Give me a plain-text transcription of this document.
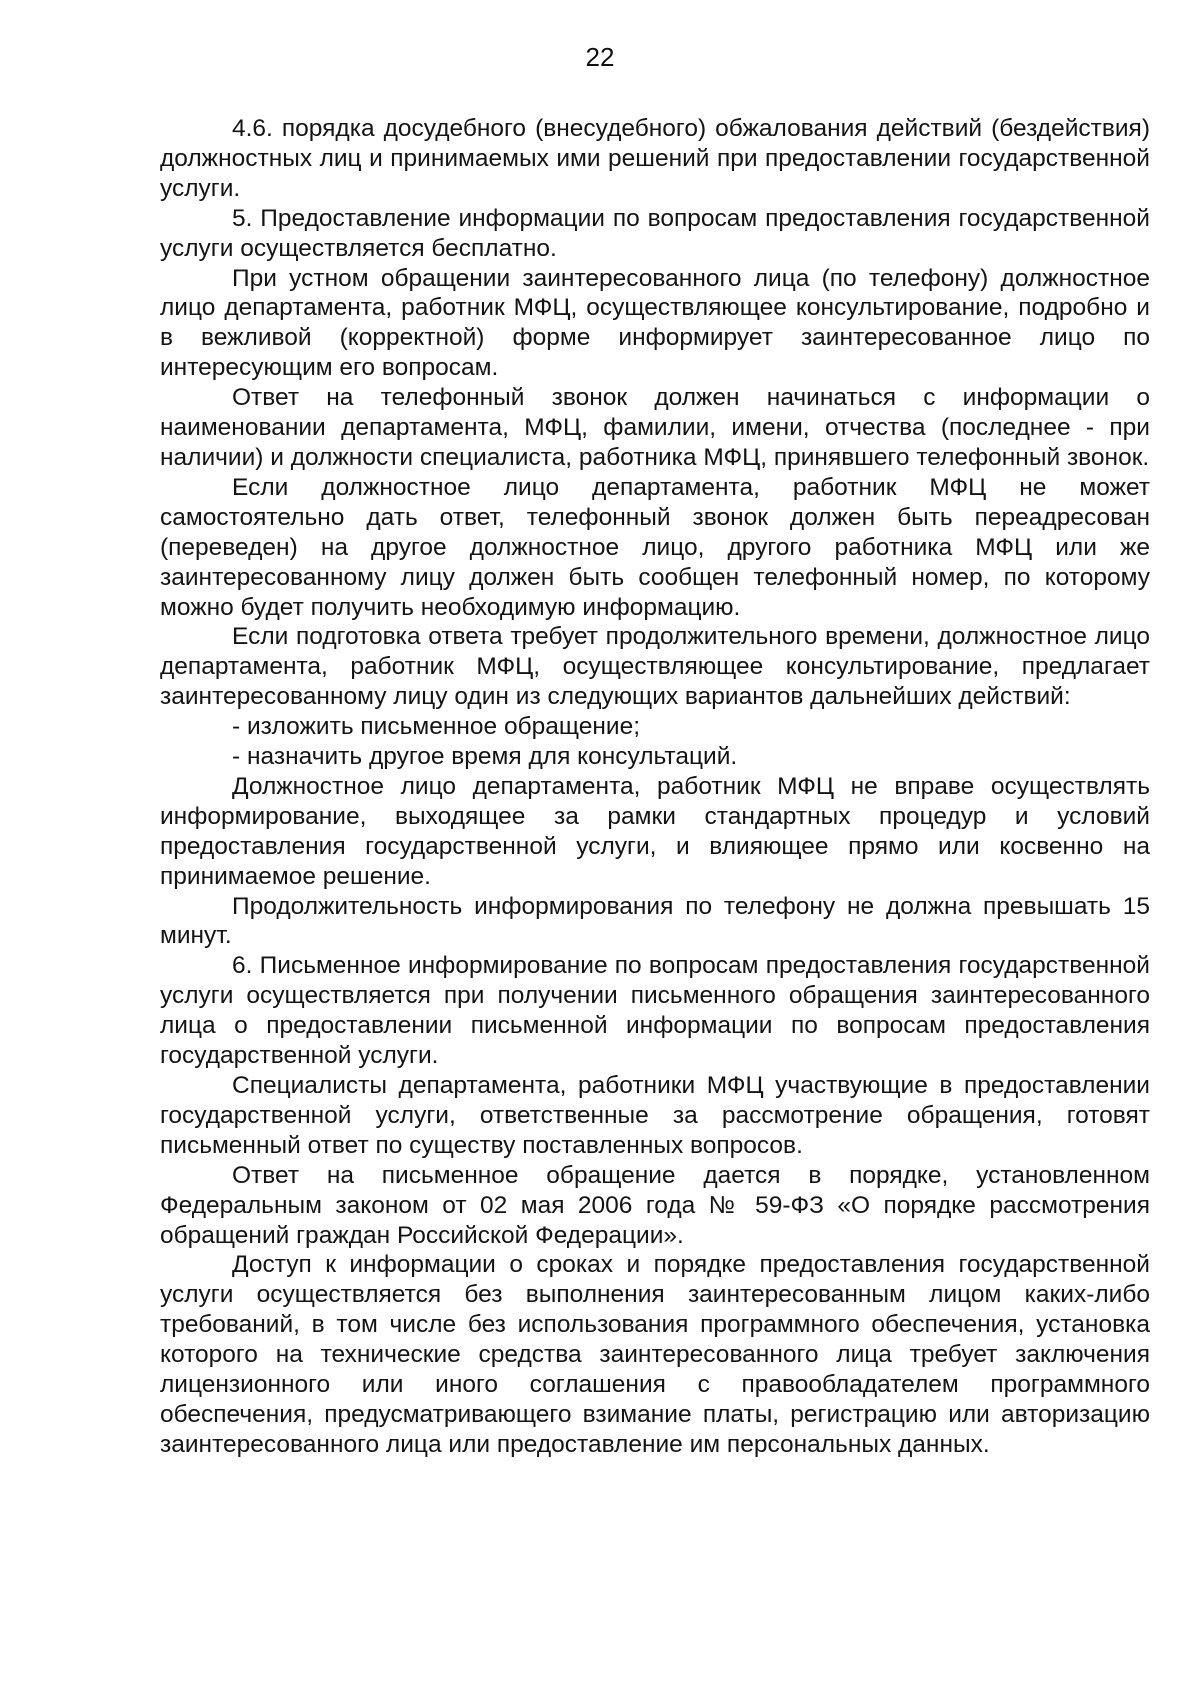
22

4.6. порядка досудебного (внесудебного) обжалования действий (бездействия) должностных лиц и принимаемых ими решений при предоставлении государственной услуги.

5. Предоставление информации по вопросам предоставления государственной услуги осуществляется бесплатно.

При устном обращении заинтересованного лица (по телефону) должностное лицо департамента, работник МФЦ, осуществляющее консультирование, подробно и в вежливой (корректной) форме информирует заинтересованное лицо по интересующим его вопросам.

Ответ на телефонный звонок должен начинаться с информации о наименовании департамента, МФЦ, фамилии, имени, отчества (последнее - при наличии) и должности специалиста, работника МФЦ, принявшего телефонный звонок.

Если должностное лицо департамента, работник МФЦ не может самостоятельно дать ответ, телефонный звонок должен быть переадресован (переведен) на другое должностное лицо, другого работника МФЦ или же заинтересованному лицу должен быть сообщен телефонный номер, по которому можно будет получить необходимую информацию.

Если подготовка ответа требует продолжительного времени, должностное лицо департамента, работник МФЦ, осуществляющее консультирование, предлагает заинтересованному лицу один из следующих вариантов дальнейших действий:

- изложить письменное обращение;

- назначить другое время для консультаций.

Должностное лицо департамента, работник МФЦ не вправе осуществлять информирование, выходящее за рамки стандартных процедур и условий предоставления государственной услуги, и влияющее прямо или косвенно на принимаемое решение.

Продолжительность информирования по телефону не должна превышать 15 минут.

6. Письменное информирование по вопросам предоставления государственной услуги осуществляется при получении письменного обращения заинтересованного лица о предоставлении письменной информации по вопросам предоставления государственной услуги.

Специалисты департамента, работники МФЦ участвующие в предоставлении государственной услуги, ответственные за рассмотрение обращения, готовят письменный ответ по существу поставленных вопросов.

Ответ на письменное обращение дается в порядке, установленном Федеральным законом от 02 мая 2006 года № 59-ФЗ «О порядке рассмотрения обращений граждан Российской Федерации».

Доступ к информации о сроках и порядке предоставления государственной услуги осуществляется без выполнения заинтересованным лицом каких-либо требований, в том числе без использования программного обеспечения, установка которого на технические средства заинтересованного лица требует заключения лицензионного или иного соглашения с правообладателем программного обеспечения, предусматривающего взимание платы, регистрацию или авторизацию заинтересованного лица или предоставление им персональных данных.
